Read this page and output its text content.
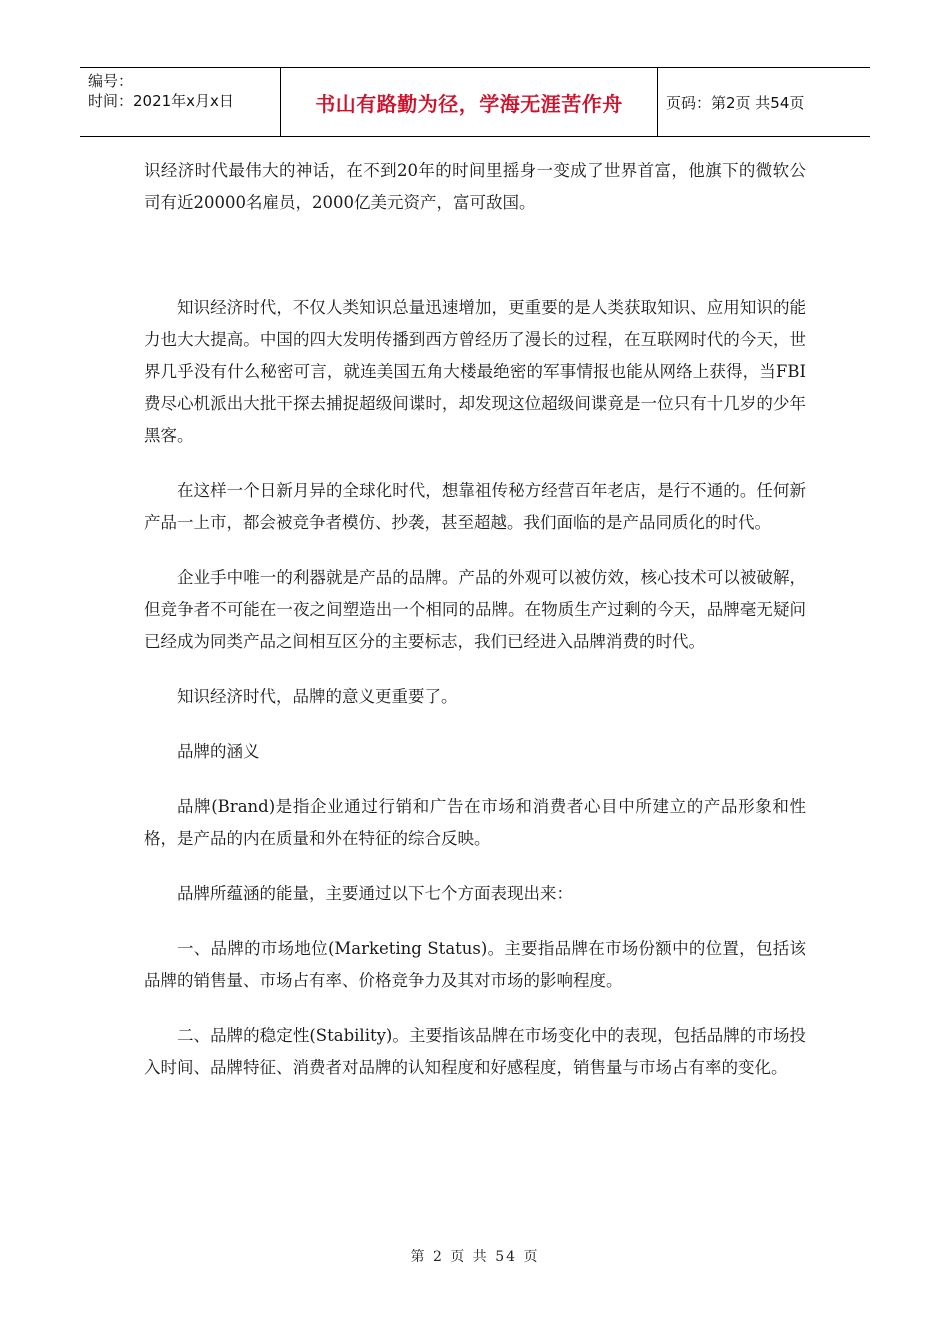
编号：
时间：2021年x月x日	书山有路勤为径，学海无涯苦作舟	页码：第2页 共54页

识经济时代最伟大的神话，在不到20年的时间里摇身一变成了世界首富，他旗下的微软公司有近20000名雇员，2000亿美元资产，富可敌国。

知识经济时代，不仅人类知识总量迅速增加，更重要的是人类获取知识、应用知识的能力也大大提高。中国的四大发明传播到西方曾经历了漫长的过程，在互联网时代的今天，世界几乎没有什么秘密可言，就连美国五角大楼最绝密的军事情报也能从网络上获得，当FBI费尽心机派出大批干探去捕捉超级间谍时，却发现这位超级间谍竟是一位只有十几岁的少年黑客。

在这样一个日新月异的全球化时代，想靠祖传秘方经营百年老店，是行不通的。任何新产品一上市，都会被竞争者模仿、抄袭，甚至超越。我们面临的是产品同质化的时代。

企业手中唯一的利器就是产品的品牌。产品的外观可以被仿效，核心技术可以被破解，但竞争者不可能在一夜之间塑造出一个相同的品牌。在物质生产过剩的今天，品牌毫无疑问已经成为同类产品之间相互区分的主要标志，我们已经进入品牌消费的时代。

知识经济时代，品牌的意义更重要了。

品牌的涵义

品牌(Brand)是指企业通过行销和广告在市场和消费者心目中所建立的产品形象和性格，是产品的内在质量和外在特征的综合反映。

品牌所蕴涵的能量，主要通过以下七个方面表现出来：

一、品牌的市场地位(Marketing Status)。主要指品牌在市场份额中的位置，包括该品牌的销售量、市场占有率、价格竞争力及其对市场的影响程度。

二、品牌的稳定性(Stability)。主要指该品牌在市场变化中的表现，包括品牌的市场投入时间、品牌特征、消费者对品牌的认知程度和好感程度，销售量与市场占有率的变化。

第 2 页 共 54 页
